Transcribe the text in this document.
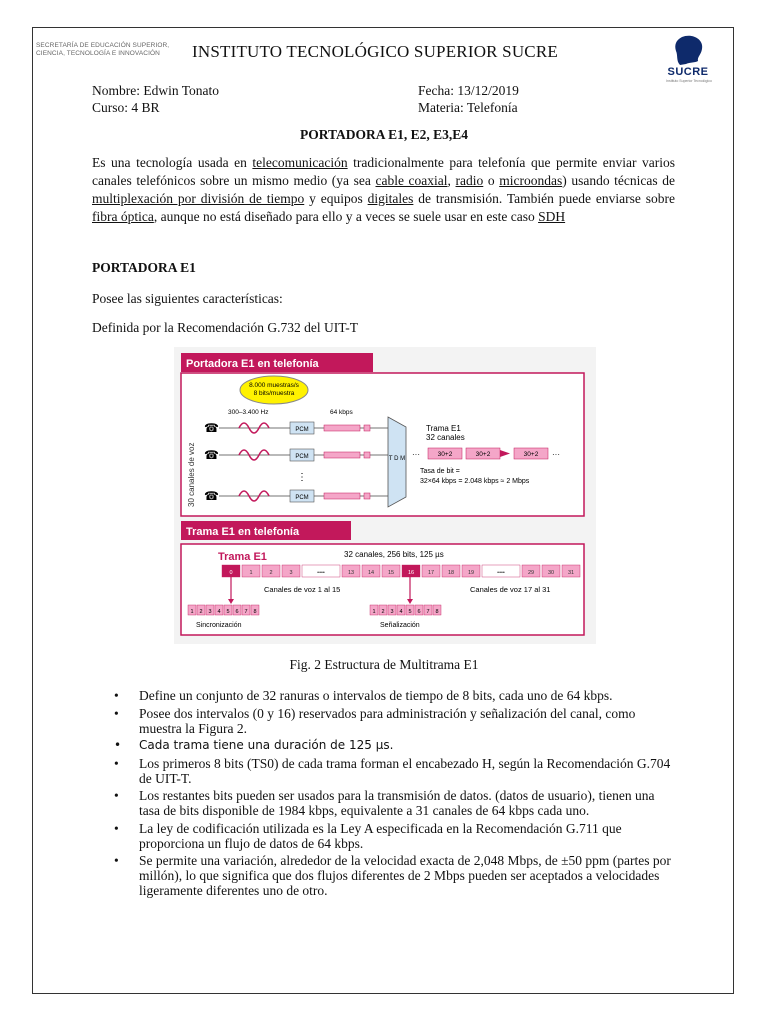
SECRETARÍA DE EDUCACIÓN SUPERIOR,
CIENCIA, TECNOLOGÍA E INNOVACIÓN	INSTITUTO TECNOLÓGICO SUPERIOR SUCRE
SUCRE
Instituto Superior Tecnológico
Nombre: Edwin Tonato
Curso: 4 BR
Fecha: 13/12/2019
Materia: Telefonía
PORTADORA E1, E2, E3,E4
Es una tecnología usada en telecomunicación tradicionalmente para telefonía que permite enviar varios canales telefónicos sobre un mismo medio (ya sea cable coaxial, radio o microondas) usando técnicas de multiplexación por división de tiempo y equipos digitales de transmisión. También puede enviarse sobre fibra óptica, aunque no está diseñado para ello y a veces se suele usar en este caso SDH
PORTADORA E1
Posee las siguientes características:
Definida por la Recomendación G.732 del UIT-T
Portadora E1 en telefonía
8.000 muestras/s
8 bits/muestra
300–3.400 Hz	64 kbps
30 canales de voz
☎	PCM
☎	PCM
⋮
☎	PCM
T D M
Trama E1
32 canales
···	30+2	30+2	30+2 ···
Tasa de bit =
32×64 kbps = 2.048 kbps ≈ 2 Mbps
Trama E1 en telefonía
Trama E1	32 canales, 256 bits, 125 µs
0	1	2	3	••••	13	14	15	16	17	18	19	••••	29	30	31
Canales de voz 1 al 15	Canales de voz 17 al 31
1 2 3 4 5 6 7 8	1 2 3 4 5 6 7 8
Sincronización	Señalización
Fig. 2 Estructura de Multitrama E1
• Define un conjunto de 32 ranuras o intervalos de tiempo de 8 bits, cada uno de 64 kbps.
• Posee dos intervalos (0 y 16) reservados para administración y señalización del canal, como muestra la Figura 2.
• Cada trama tiene una duración de 125 µs.
• Los primeros 8 bits (TS0) de cada trama forman el encabezado H, según la Recomendación G.704 de UIT-T.
• Los restantes bits pueden ser usados para la transmisión de datos. (datos de usuario), tienen una tasa de bits disponible de 1984 kbps, equivalente a 31 canales de 64 kbps cada uno.
• La ley de codificación utilizada es la Ley A especificada en la Recomendación G.711 que proporciona un flujo de datos de 64 kbps.
• Se permite una variación, alrededor de la velocidad exacta de 2,048 Mbps, de ±50 ppm (partes por millón), lo que significa que dos flujos diferentes de 2 Mbps pueden ser aceptados a velocidades ligeramente diferentes uno de otro.
